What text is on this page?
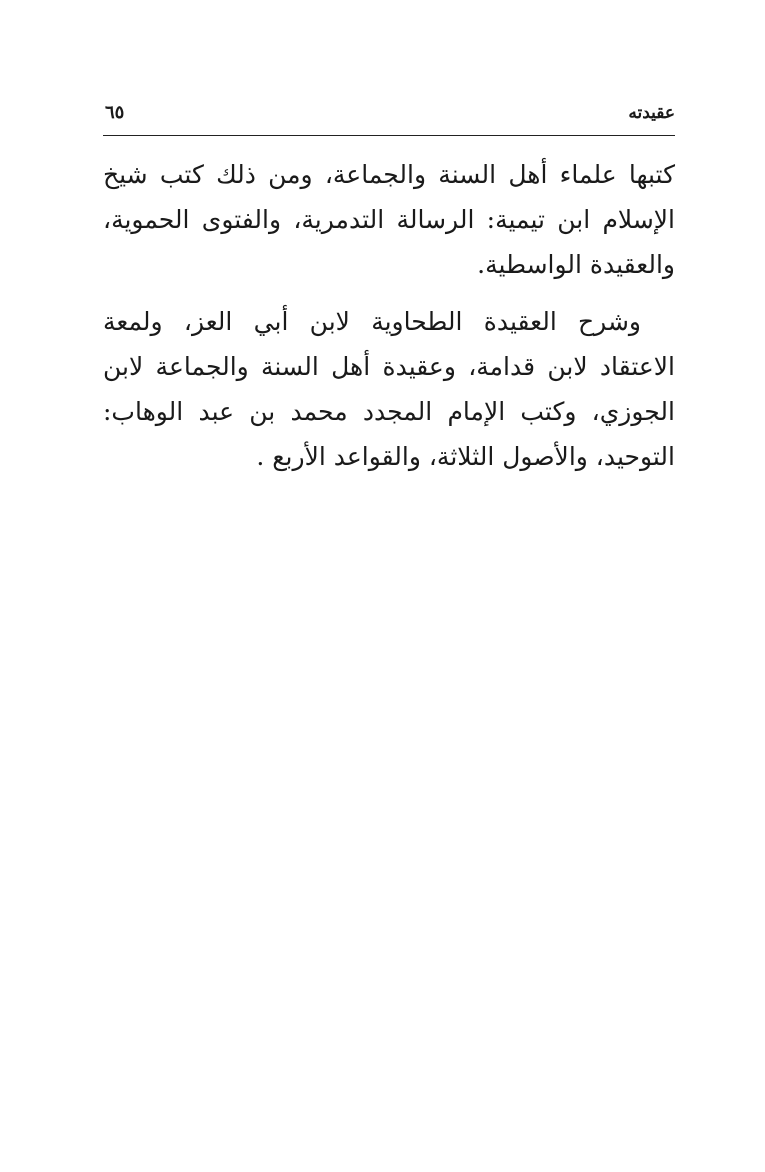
عقيدته
٦٥

كتبها علماء أهل السنة والجماعة، ومن ذلك كتب شيخ الإسلام ابن تيمية: الرسالة التدمرية، والفتوى الحموية، والعقيدة الواسطية.

وشرح العقيدة الطحاوية لابن أبي العز، ولمعة الاعتقاد لابن قدامة، وعقيدة أهل السنة والجماعة لابن الجوزي، وكتب الإمام المجدد محمد بن عبد الوهاب: التوحيد، والأصول الثلاثة، والقواعد الأربع .
